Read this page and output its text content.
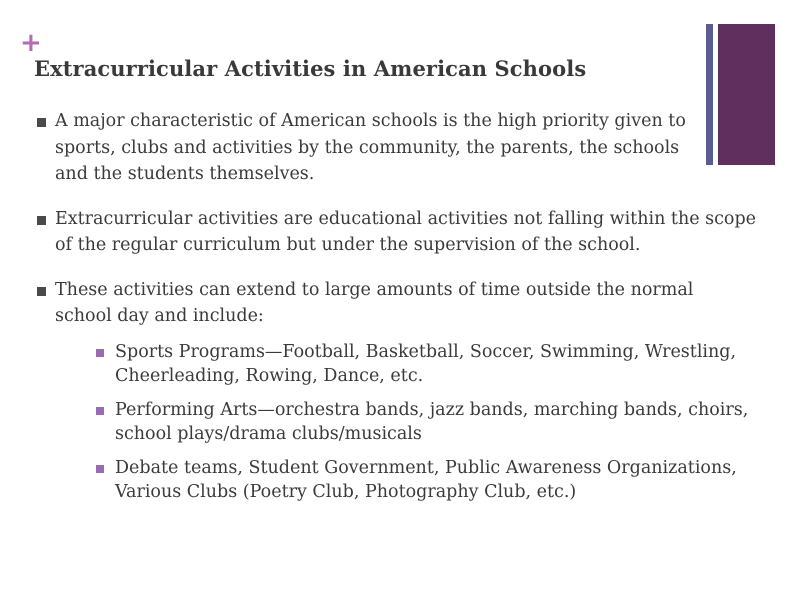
+
Extracurricular Activities in American Schools
A major characteristic of American schools is the high priority given to sports, clubs and activities by the community, the parents, the schools and the students themselves.
Extracurricular activities are educational activities not falling within the scope of the regular curriculum but under the supervision of the school.
These activities can extend to large amounts of time outside the normal school day and include:
Sports Programs—Football, Basketball, Soccer, Swimming, Wrestling, Cheerleading, Rowing, Dance, etc.
Performing Arts—orchestra bands, jazz bands, marching bands, choirs, school plays/drama clubs/musicals
Debate teams, Student Government, Public Awareness Organizations, Various Clubs (Poetry Club, Photography Club, etc.)
